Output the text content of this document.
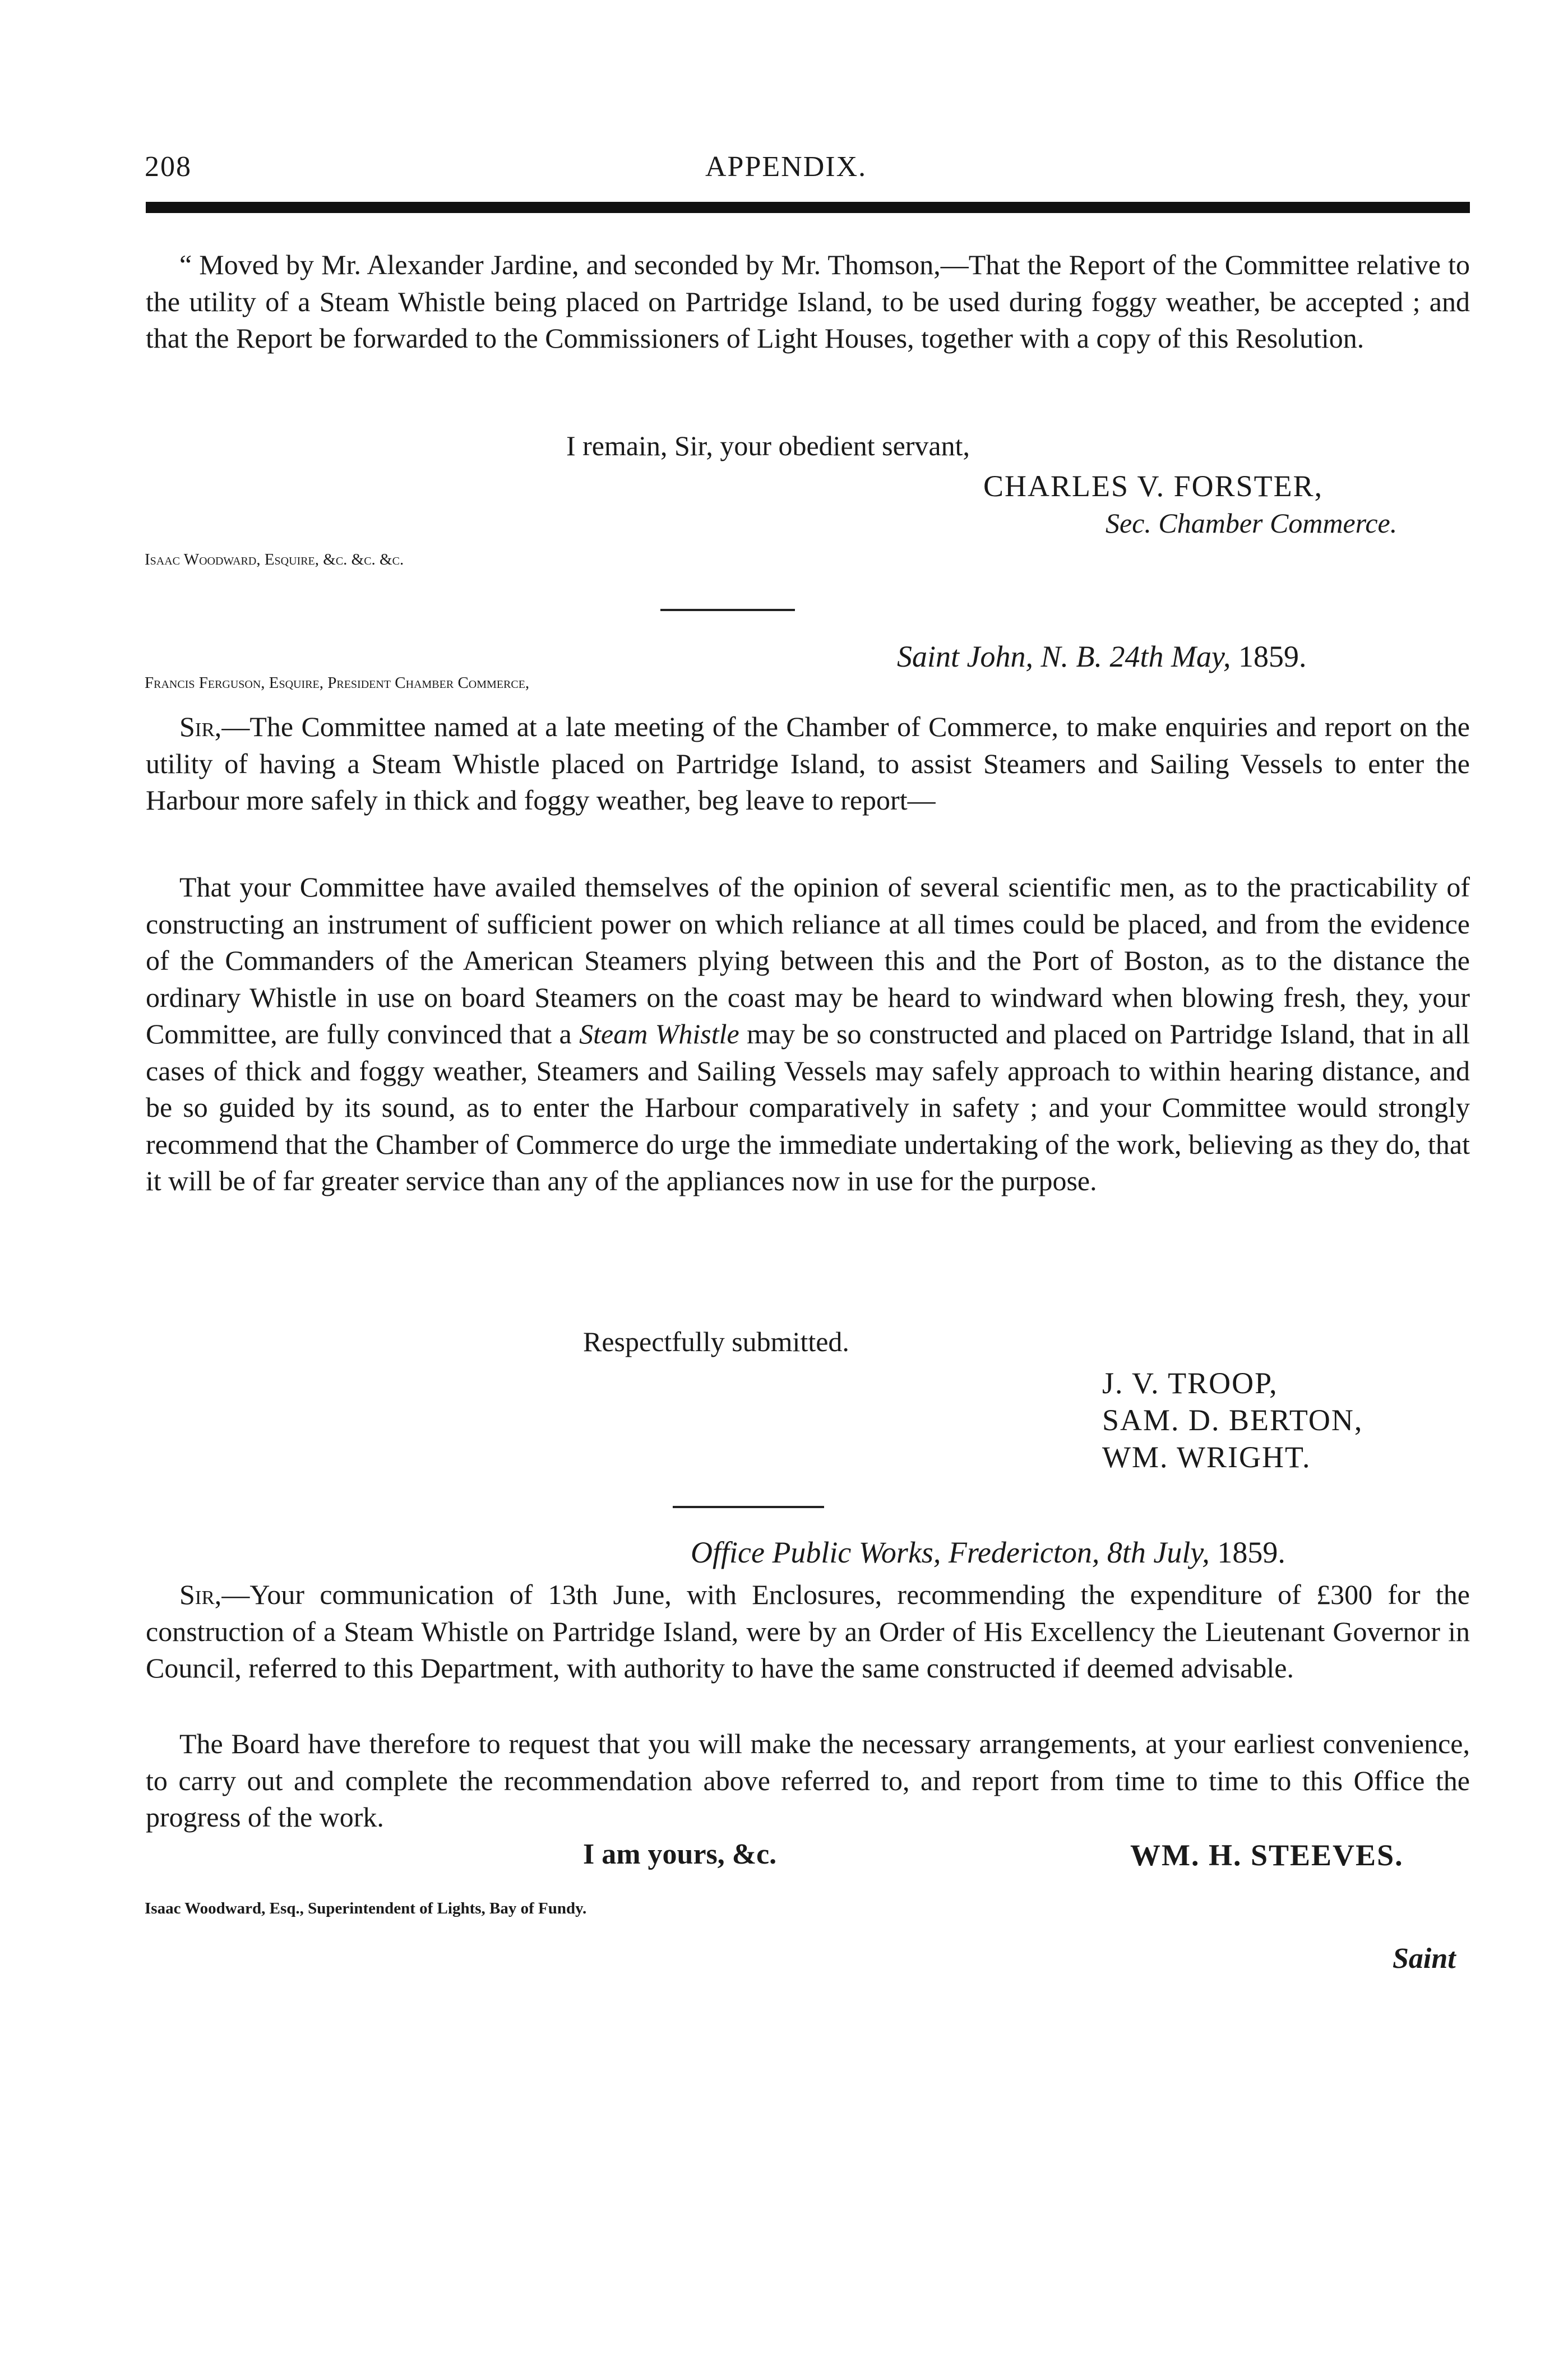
208	APPENDIX.

“ Moved by Mr. Alexander Jardine, and seconded by Mr. Thomson,—That the Report of the Committee relative to the utility of a Steam Whistle being placed on Partridge Island, to be used during foggy weather, be accepted ; and that the Report be forwarded to the Commissioners of Light Houses, together with a copy of this Resolution.

I remain, Sir, your obedient servant,
CHARLES V. FORSTER,
Sec. Chamber Commerce.
Isaac Woodward, Esquire, &c. &c. &c.
Saint John, N. B. 24th May, 1859.
Francis Ferguson, Esquire, President Chamber Commerce,

Sir,—The Committee named at a late meeting of the Chamber of Commerce, to make enquiries and report on the utility of having a Steam Whistle placed on Partridge Island, to assist Steamers and Sailing Vessels to enter the Harbour more safely in thick and foggy weather, beg leave to report—

That your Committee have availed themselves of the opinion of several scientific men, as to the practicability of constructing an instrument of sufficient power on which reliance at all times could be placed, and from the evidence of the Commanders of the American Steamers plying between this and the Port of Boston, as to the distance the ordinary Whistle in use on board Steamers on the coast may be heard to windward when blowing fresh, they, your Committee, are fully convinced that a Steam Whistle may be so constructed and placed on Partridge Island, that in all cases of thick and foggy weather, Steamers and Sailing Vessels may safely approach to within hearing distance, and be so guided by its sound, as to enter the Harbour comparatively in safety ; and your Committee would strongly recommend that the Chamber of Commerce do urge the immediate undertaking of the work, believing as they do, that it will be of far greater service than any of the appliances now in use for the purpose.

Respectfully submitted.
J. V. TROOP,
SAM. D. BERTON,
WM. WRIGHT.
Office Public Works, Fredericton, 8th July, 1859.

Sir,—Your communication of 13th June, with Enclosures, recommending the expenditure of £300 for the construction of a Steam Whistle on Partridge Island, were by an Order of His Excellency the Lieutenant Governor in Council, referred to this Department, with authority to have the same constructed if deemed advisable.

The Board have therefore to request that you will make the necessary arrangements, at your earliest convenience, to carry out and complete the recommendation above referred to, and report from time to time to this Office the progress of the work.

I am yours, &c.	WM. H. STEEVES.
Isaac Woodward, Esq., Superintendent of Lights, Bay of Fundy.
Saint
